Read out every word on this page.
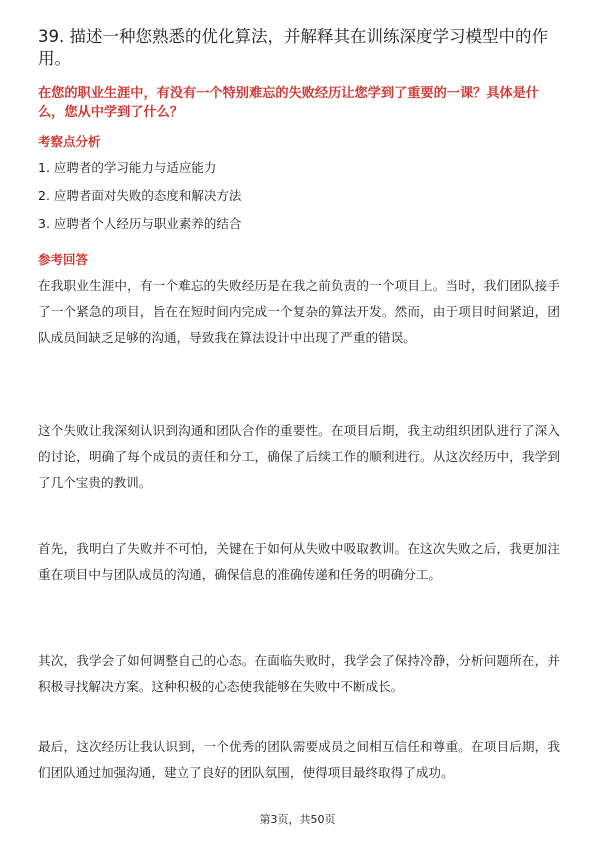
39. 描述一种您熟悉的优化算法，并解释其在训练深度学习模型中的作用。

在您的职业生涯中，有没有一个特别难忘的失败经历让您学到了重要的一课？具体是什么，您从中学到了什么？

考察点分析

1. 应聘者的学习能力与适应能力

2. 应聘者面对失败的态度和解决方法

3. 应聘者个人经历与职业素养的结合

参考回答

在我职业生涯中，有一个难忘的失败经历是在我之前负责的一个项目上。当时，我们团队接手了一个紧急的项目，旨在在短时间内完成一个复杂的算法开发。然而，由于项目时间紧迫，团队成员间缺乏足够的沟通，导致我在算法设计中出现了严重的错误。

这个失败让我深刻认识到沟通和团队合作的重要性。在项目后期，我主动组织团队进行了深入的讨论，明确了每个成员的责任和分工，确保了后续工作的顺利进行。从这次经历中，我学到了几个宝贵的教训。

首先，我明白了失败并不可怕，关键在于如何从失败中吸取教训。在这次失败之后，我更加注重在项目中与团队成员的沟通，确保信息的准确传递和任务的明确分工。

其次，我学会了如何调整自己的心态。在面临失败时，我学会了保持冷静，分析问题所在，并积极寻找解决方案。这种积极的心态使我能够在失败中不断成长。

最后，这次经历让我认识到，一个优秀的团队需要成员之间相互信任和尊重。在项目后期，我们团队通过加强沟通，建立了良好的团队氛围，使得项目最终取得了成功。

第3页，共50页
